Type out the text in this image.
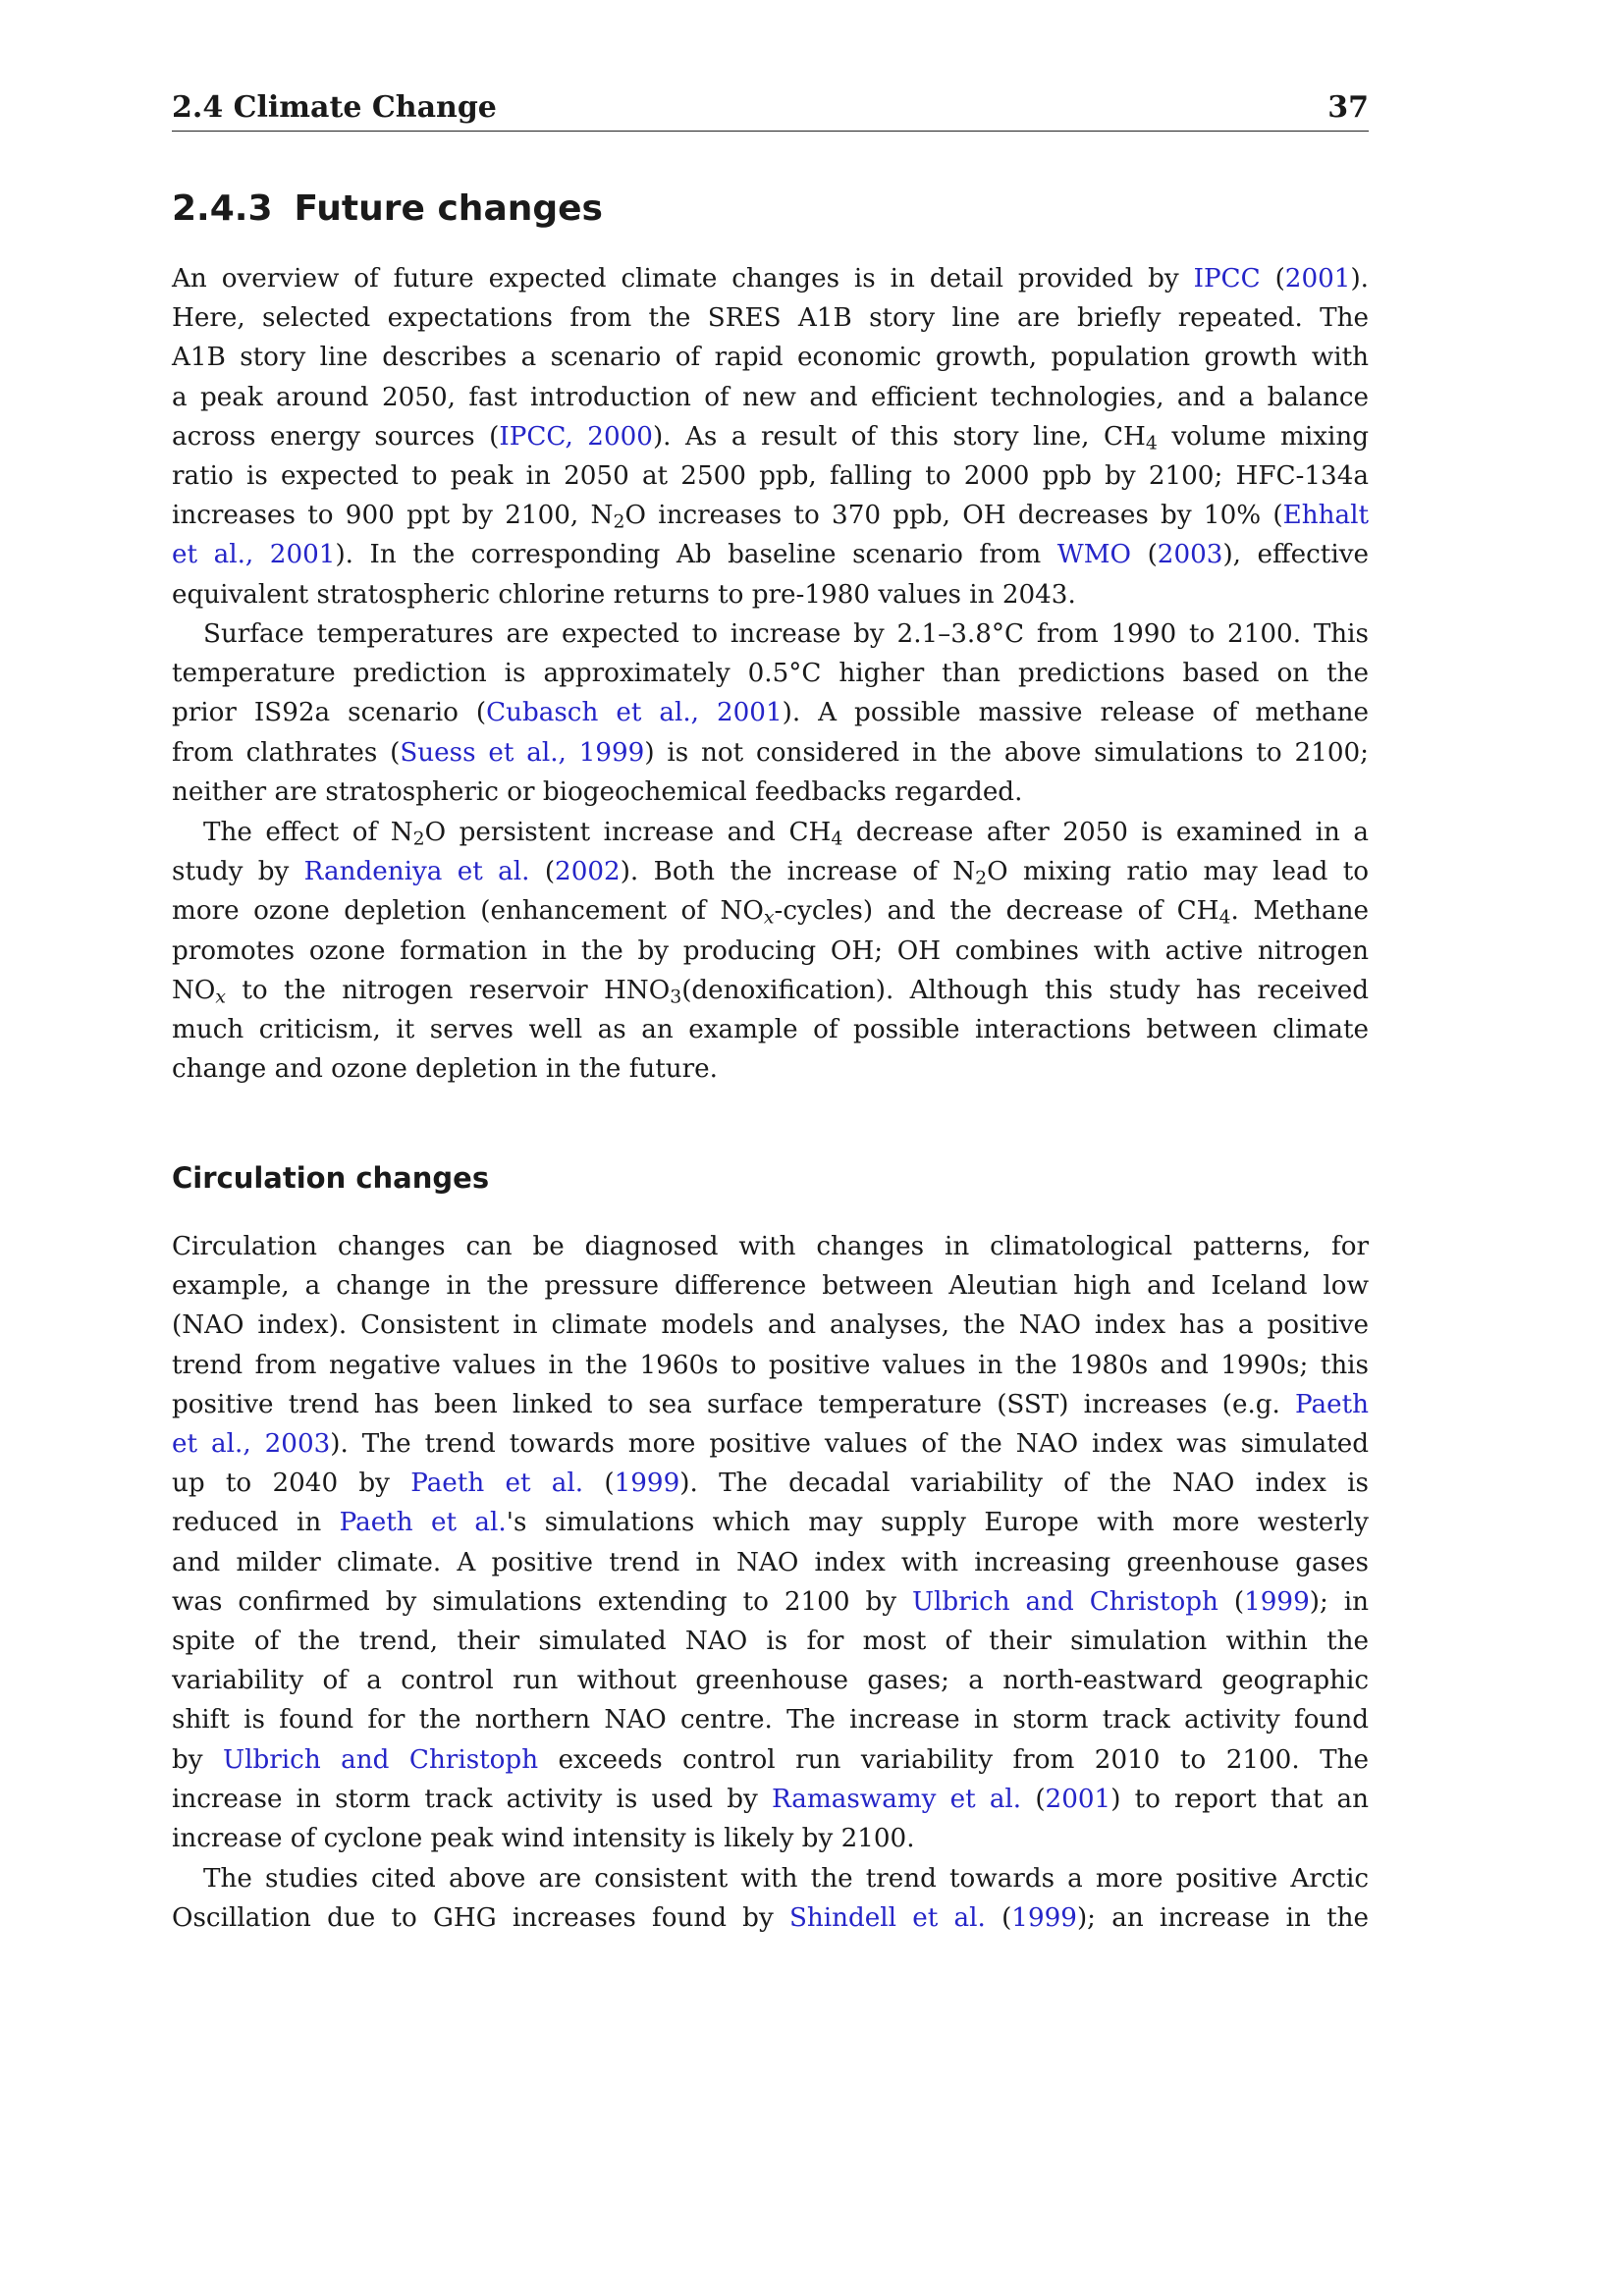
2.4 Climate Change	37
2.4.3 Future changes
An overview of future expected climate changes is in detail provided by IPCC (2001).
Here, selected expectations from the SRES A1B story line are briefly repeated. The
A1B story line describes a scenario of rapid economic growth, population growth with
a peak around 2050, fast introduction of new and efficient technologies, and a balance
across energy sources (IPCC, 2000). As a result of this story line, $CH_4$ volume mixing
ratio is expected to peak in 2050 at 2500 ppb, falling to 2000 ppb by 2100; HFC-134a
increases to 900 ppt by 2100, $N_2O$ increases to 370 ppb, OH decreases by 10% (Ehhalt
et al., 2001). In the corresponding Ab baseline scenario from WMO (2003), effective
equivalent stratospheric chlorine returns to pre-1980 values in 2043.
Surface temperatures are expected to increase by 2.1–3.8°C from 1990 to 2100. This
temperature prediction is approximately 0.5°C higher than predictions based on the
prior IS92a scenario (Cubasch et al., 2001). A possible massive release of methane
from clathrates (Suess et al., 1999) is not considered in the above simulations to 2100;
neither are stratospheric or biogeochemical feedbacks regarded.
The effect of $N_2O$ persistent increase and $CH_4$ decrease after 2050 is examined in a
study by Randeniya et al. (2002). Both the increase of $N_2O$ mixing ratio may lead to
more ozone depletion (enhancement of $NO_x-cycles$) and the decrease of $CH_4$. Methane
promotes ozone formation in the by producing OH; OH combines with active nitrogen
$NO_x$ to the nitrogen reservoir $HNO_3(denoxification)$. Although this study has received
much criticism, it serves well as an example of possible interactions between climate
change and ozone depletion in the future.
Circulation changes
Circulation changes can be diagnosed with changes in climatological patterns, for
example, a change in the pressure difference between Aleutian high and Iceland low
(NAO index). Consistent in climate models and analyses, the NAO index has a positive
trend from negative values in the 1960s to positive values in the 1980s and 1990s; this
positive trend has been linked to sea surface temperature (SST) increases (e.g. Paeth
et al., 2003). The trend towards more positive values of the NAO index was simulated
up to 2040 by Paeth et al. (1999). The decadal variability of the NAO index is
reduced in Paeth et al.'s simulations which may supply Europe with more westerly
and milder climate. A positive trend in NAO index with increasing greenhouse gases
was confirmed by simulations extending to 2100 by Ulbrich and Christoph (1999); in
spite of the trend, their simulated NAO is for most of their simulation within the
variability of a control run without greenhouse gases; a north-eastward geographic
shift is found for the northern NAO centre. The increase in storm track activity found
by Ulbrich and Christoph exceeds control run variability from 2010 to 2100. The
increase in storm track activity is used by Ramaswamy et al. (2001) to report that an
increase of cyclone peak wind intensity is likely by 2100.
The studies cited above are consistent with the trend towards a more positive Arctic
Oscillation due to GHG increases found by Shindell et al. (1999); an increase in the
